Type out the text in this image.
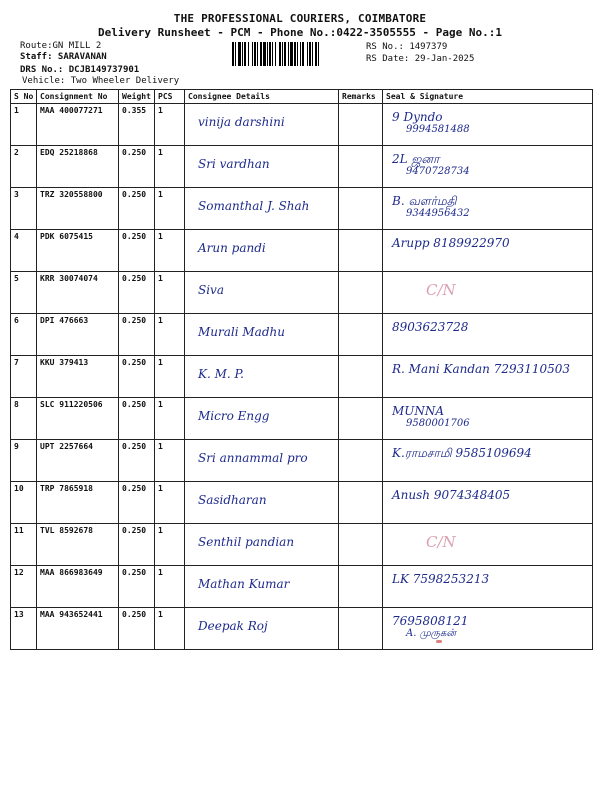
THE PROFESSIONAL COURIERS, COIMBATORE
Delivery Runsheet - PCM - Phone No.:0422-3505555 - Page No.:1
Route:GN MILL 2
Staff: SARAVANAN
DRS No.: DCJB149737901
Vehicle: Two Wheeler Delivery
RS No.: 1497379
RS Date: 29-Jan-2025
S No	Consignment No	Weight	PCS	Consignee Details	Remarks	Seal & Signature
1	MAA 400077271	0.355	1	vinija darshini		9 Dyndo
9994581488

2	EDQ 25218868	0.250	1	Sri vardhan		2L ஜனா
9470728734

3	TRZ 320558800	0.250	1	Somanthal J. Shah		B. வளர்மதி
9344956432

4	PDK 6075415	0.250	1	Arun pandi		Arupp 8189922970

5	KRR 30074074	0.250	1	Siva		C/N

6	DPI 476663	0.250	1	Murali Madhu		8903623728

7	KKU 379413	0.250	1	K. M. P.		R. Mani Kandan 7293110503

8	SLC 911220506	0.250	1	Micro Engg		MUNNA
9580001706

9	UPT 2257664	0.250	1	Sri annammal pro		K.ராமசாமி 9585109694

10	TRP 7865918	0.250	1	Sasidharan		Anush 9074348405

11	TVL 8592678	0.250	1	Senthil pandian		C/N

12	MAA 866983649	0.250	1	Mathan Kumar		LK 7598253213

13	MAA 943652441	0.250	1	Deepak Roj		7695808121
A. முருகன்
